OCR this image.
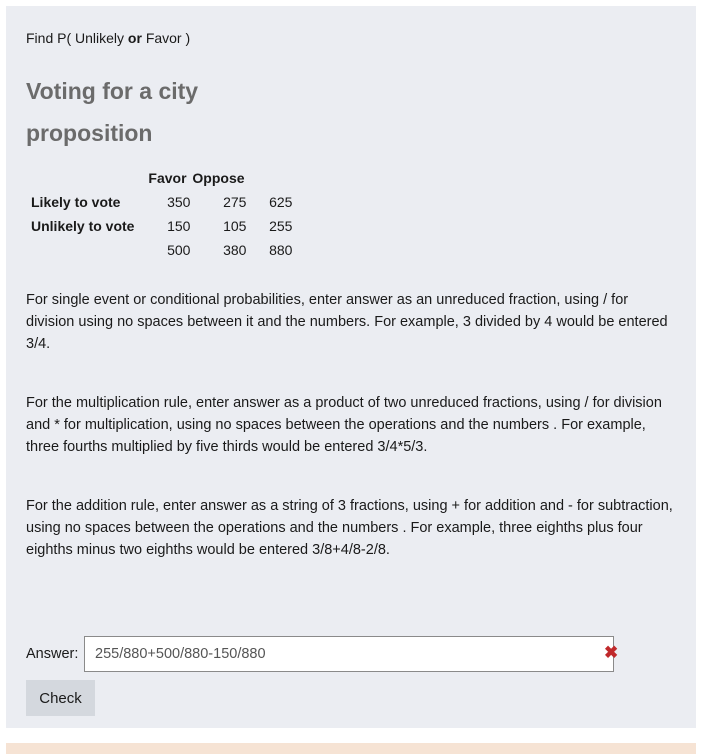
Find P( Unlikely or Favor )
Voting for a city proposition
	Favor	Oppose	
Likely to vote	350	275	625
Unlikely to vote	150	105	255
	500	380	880

For single event or conditional probabilities, enter answer as an unreduced fraction, using / for division using no spaces between it and the numbers. For example, 3 divided by 4 would be entered 3/4.

For the multiplication rule, enter answer as a product of two unreduced fractions, using / for division and * for multiplication, using no spaces between the operations and the numbers . For example, three fourths multiplied by five thirds would be entered 3/4*5/3.

For the addition rule, enter answer as a string of 3 fractions, using + for addition and - for subtraction, using no spaces between the operations and the numbers . For example, three eighths plus four eighths minus two eighths would be entered 3/8+4/8-2/8.

Answer:
255/880+500/880-150/880	✖
Check
